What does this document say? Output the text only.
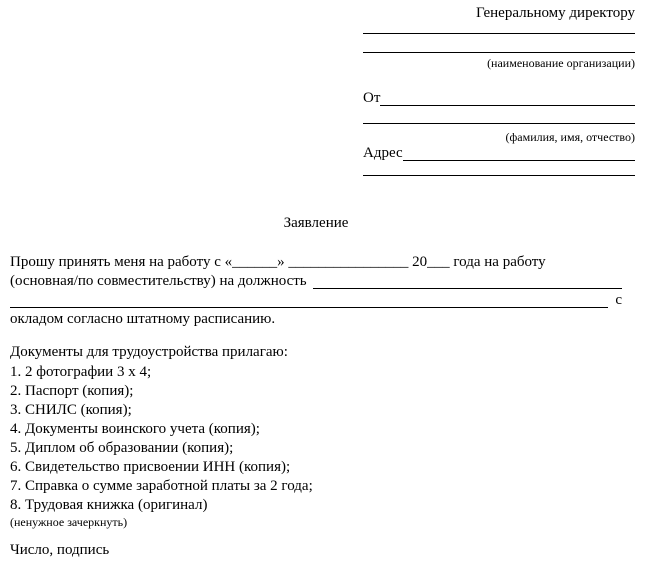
Генеральному директору
(наименование организации)
От
(фамилия, имя, отчество)
Адрес
Заявление
Прошу принять меня на работу с «______» ________________ 20___ года на работу
(основная/по совместительству) на должность
с
окладом согласно штатному расписанию.
Документы для трудоустройства прилагаю:
1. 2 фотографии 3 х 4;
2. Паспорт (копия);
3. СНИЛС (копия);
4. Документы воинского учета (копия);
5. Диплом об образовании (копия);
6. Свидетельство присвоении ИНН (копия);
7. Справка о сумме заработной платы за 2 года;
8. Трудовая книжка (оригинал)
(ненужное зачеркнуть)
Число, подпись
